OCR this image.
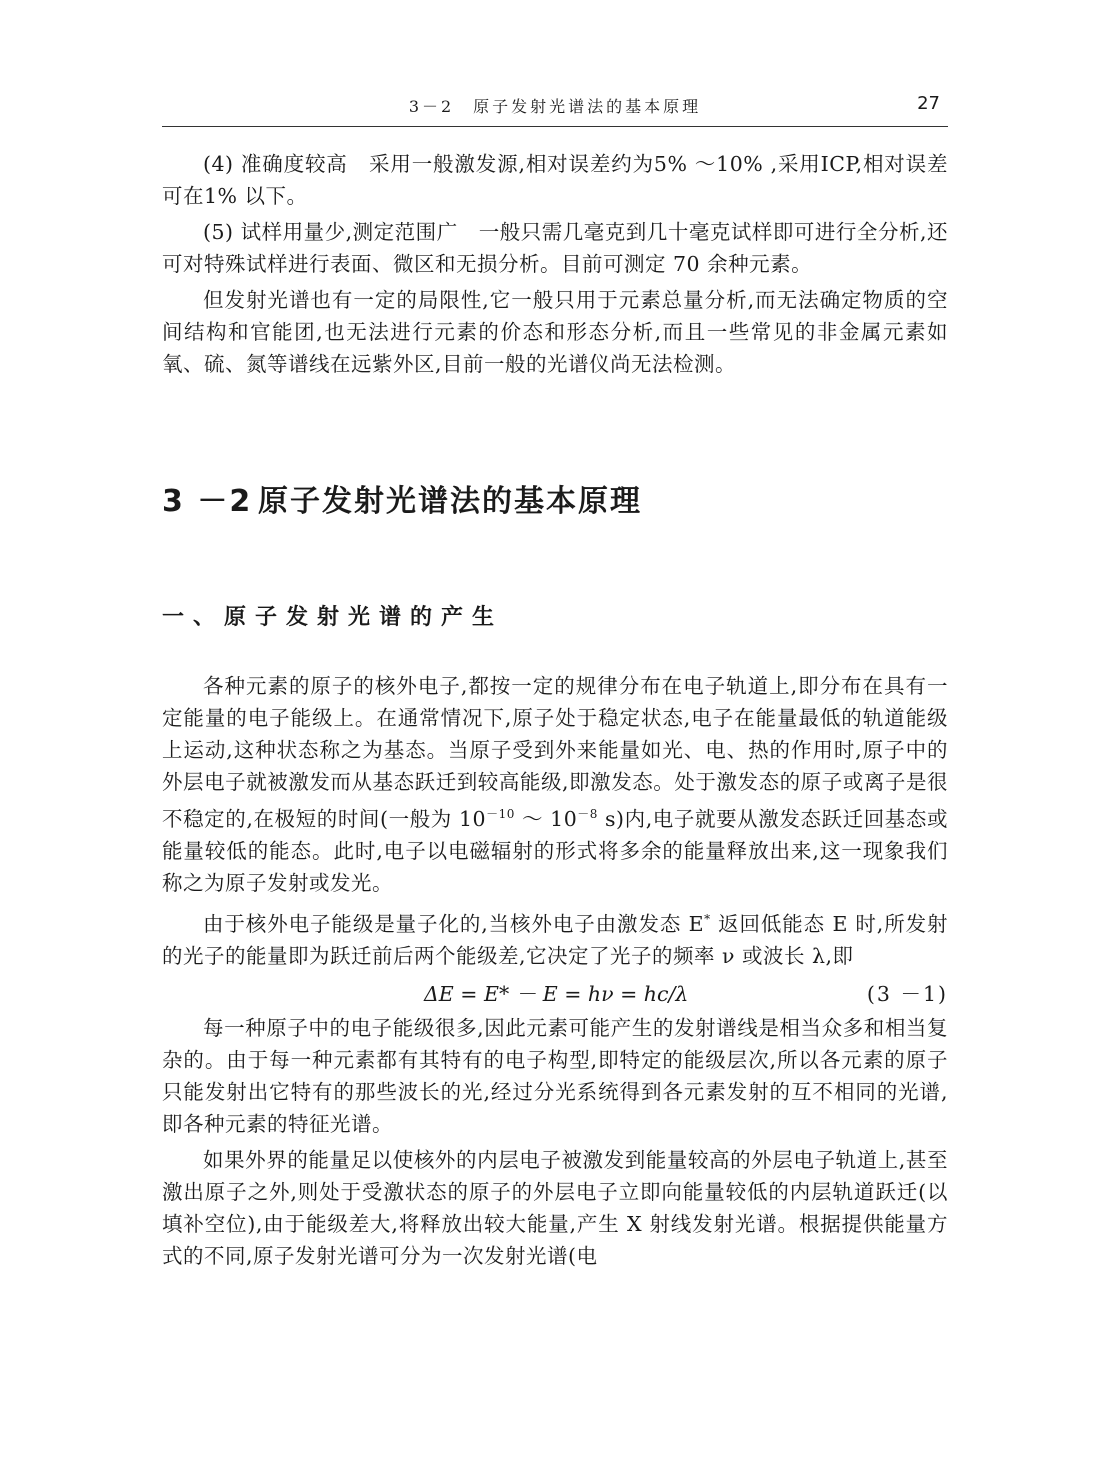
3－2　原子发射光谱法的基本原理	27

(4) 准确度较高　采用一般激发源,相对误差约为5% ～10% ,采用ICP,相对误差可在1% 以下。

(5) 试样用量少,测定范围广　一般只需几毫克到几十毫克试样即可进行全分析,还可对特殊试样进行表面、微区和无损分析。目前可测定 70 余种元素。

但发射光谱也有一定的局限性,它一般只用于元素总量分析,而无法确定物质的空间结构和官能团,也无法进行元素的价态和形态分析,而且一些常见的非金属元素如氧、硫、氮等谱线在远紫外区,目前一般的光谱仪尚无法检测。

3 －2 原子发射光谱法的基本原理
一、原子发射光谱的产生

各种元素的原子的核外电子,都按一定的规律分布在电子轨道上,即分布在具有一定能量的电子能级上。在通常情况下,原子处于稳定状态,电子在能量最低的轨道能级上运动,这种状态称之为基态。当原子受到外来能量如光、电、热的作用时,原子中的外层电子就被激发而从基态跃迁到较高能级,即激发态。处于激发态的原子或离子是很不稳定的,在极短的时间(一般为 $10^{-10}$ ～ $10^{-8}$ s)内,电子就要从激发态跃迁回基态或能量较低的能态。此时,电子以电磁辐射的形式将多余的能量释放出来,这一现象我们称之为原子发射或发光。

由于核外电子能级是量子化的,当核外电子由激发态 E* 返回低能态 E 时,所发射的光子的能量即为跃迁前后两个能级差,它决定了光子的频率 ν 或波长 λ,即

ΔE = E* － E = hν = hc/λ	(3 －1)

每一种原子中的电子能级很多,因此元素可能产生的发射谱线是相当众多和相当复杂的。由于每一种元素都有其特有的电子构型,即特定的能级层次,所以各元素的原子只能发射出它特有的那些波长的光,经过分光系统得到各元素发射的互不相同的光谱,即各种元素的特征光谱。

如果外界的能量足以使核外的内层电子被激发到能量较高的外层电子轨道上,甚至激出原子之外,则处于受激状态的原子的外层电子立即向能量较低的内层轨道跃迁(以填补空位),由于能级差大,将释放出较大能量,产生 X 射线发射光谱。根据提供能量方式的不同,原子发射光谱可分为一次发射光谱(电
